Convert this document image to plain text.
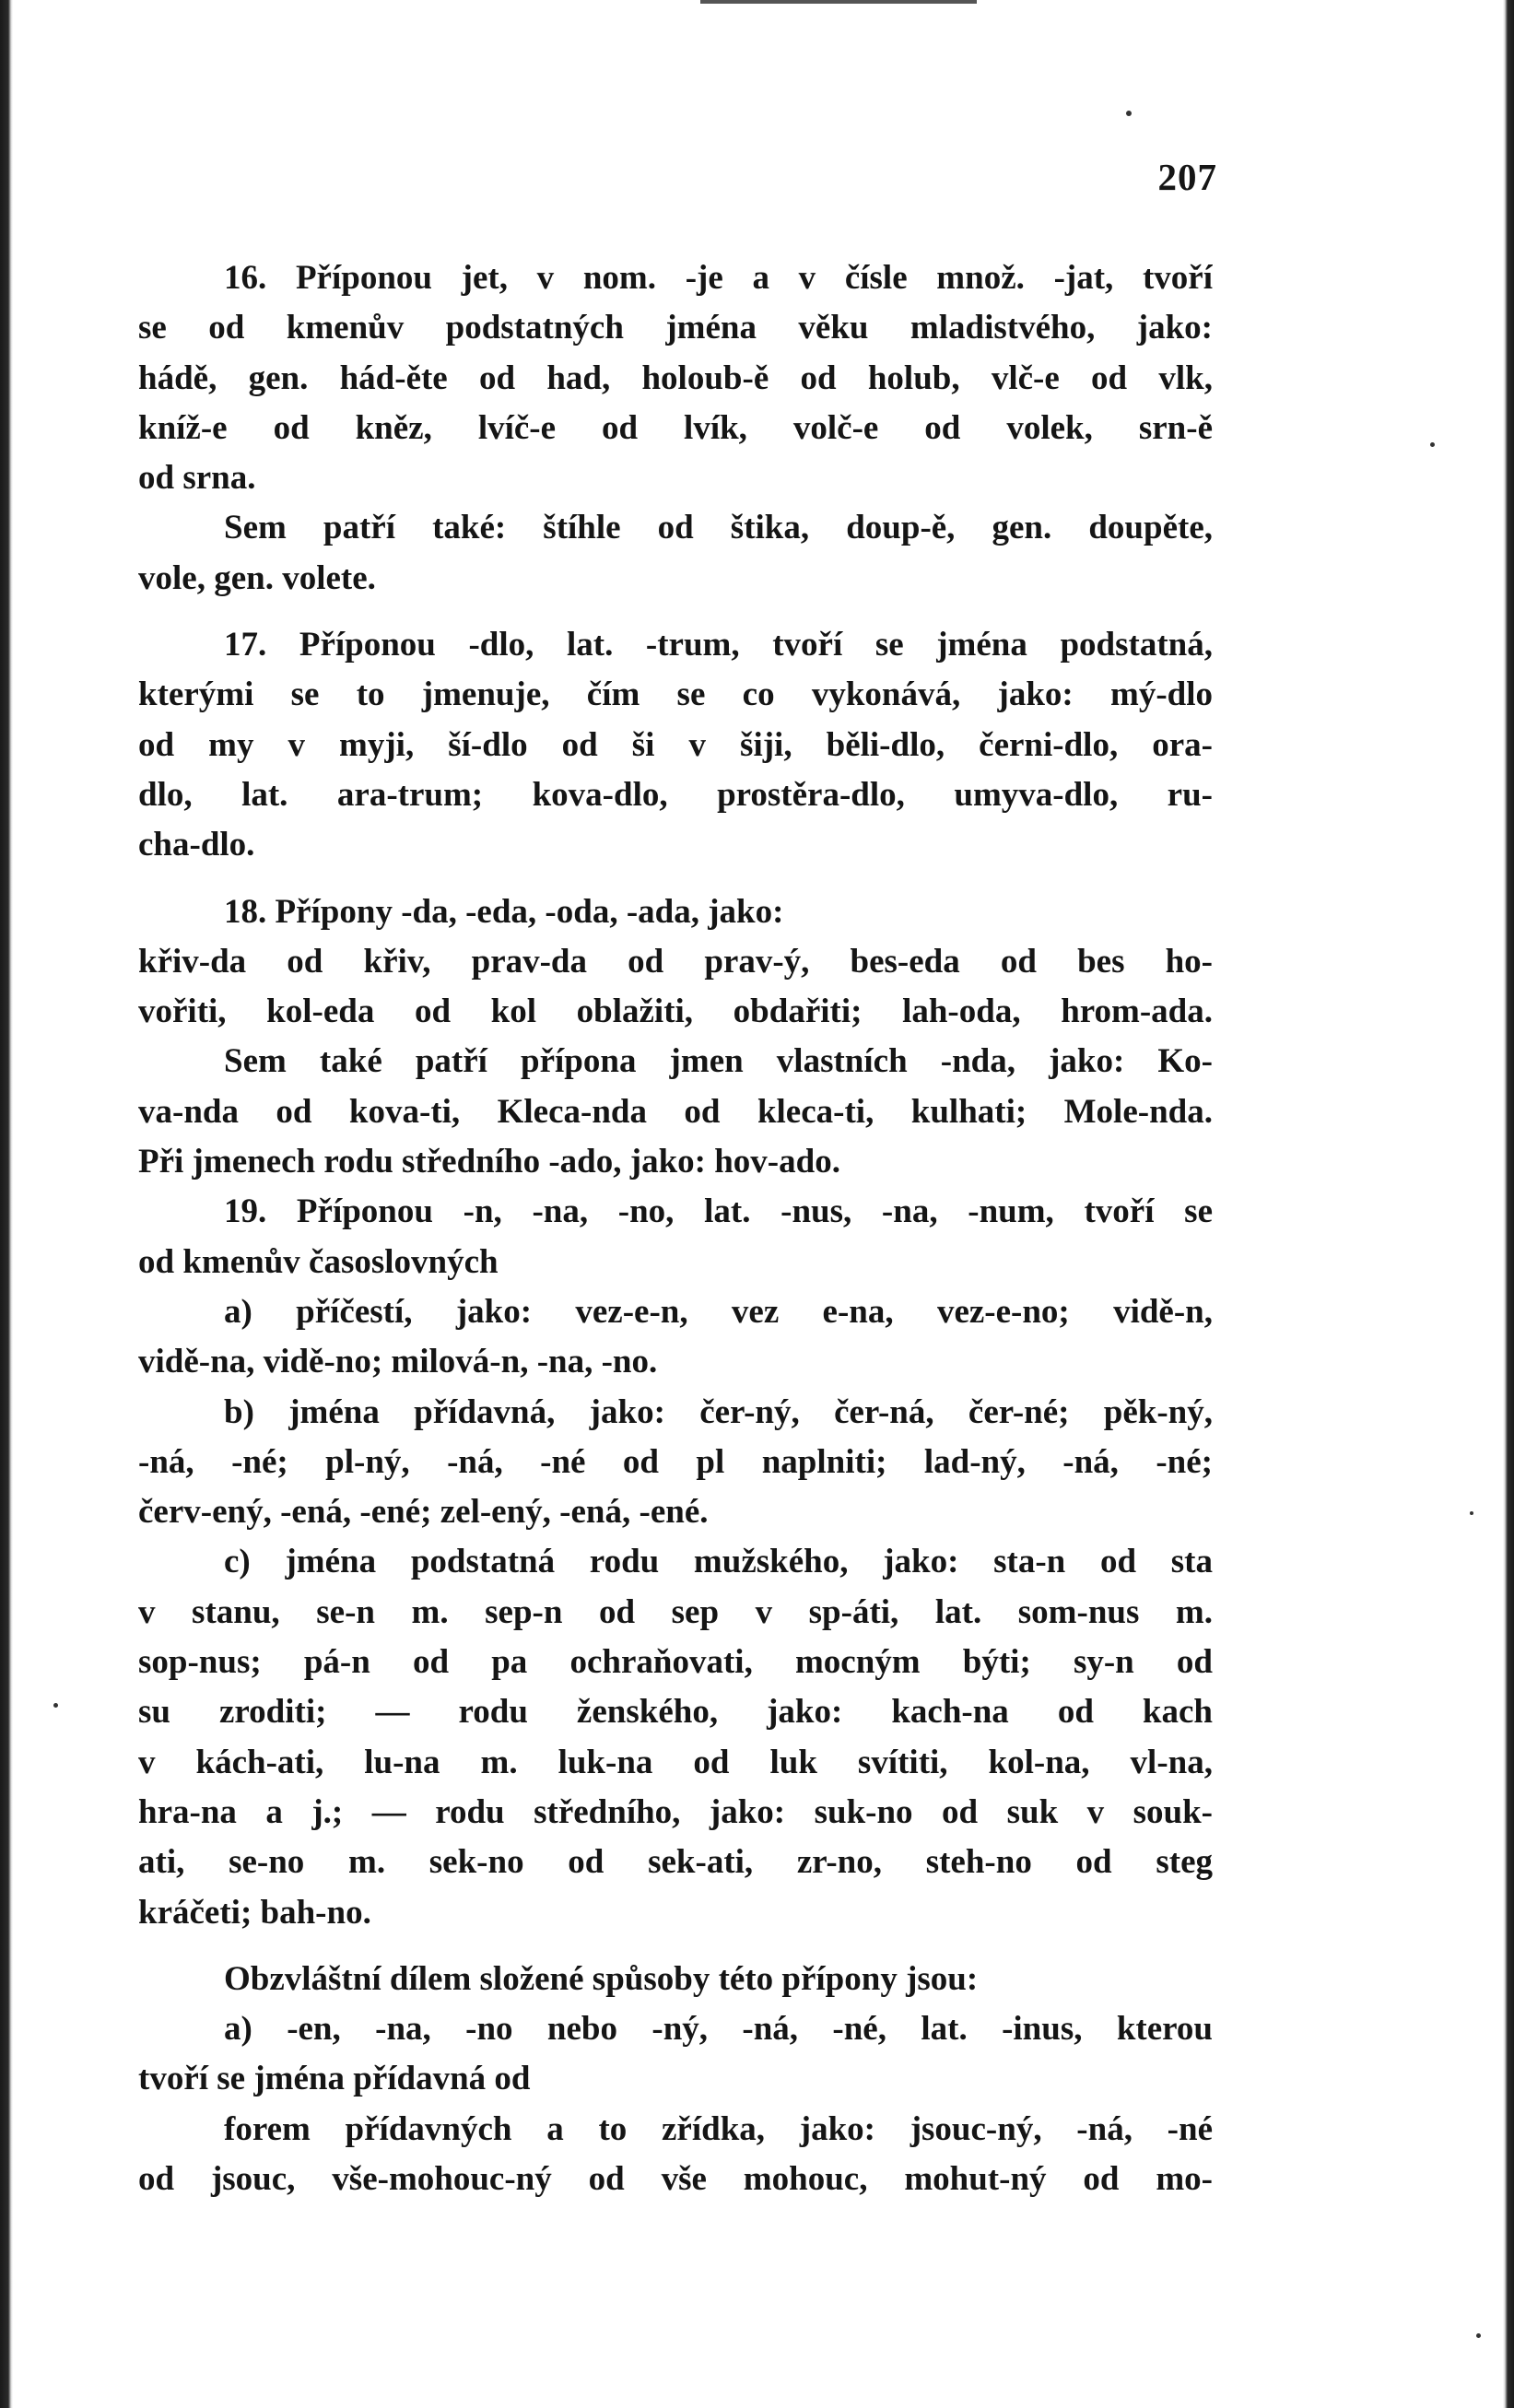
207
16. Příponou jet, v nom. -je a v čísle množ. -jat, tvoří
se od kmenův podstatných jména věku mladistvého, jako:
hádě, gen. hád-ěte od had, holoub-ě od holub, vlč-e od vlk,
kníž-e od kněz, lvíč-e od lvík, volč-e od volek, srn-ě
od srna.
Sem patří také: štíhle od štika, doup-ě, gen. doupěte,
vole, gen. volete.
17. Příponou -dlo, lat. -trum, tvoří se jména podstatná,
kterými se to jmenuje, čím se co vykonává, jako: mý-dlo
od my v myji, ší-dlo od ši v šiji, běli-dlo, černi-dlo, ora-
dlo, lat. ara-trum; kova-dlo, prostěra-dlo, umyva-dlo, ru-
cha-dlo.
18. Přípony -da, -eda, -oda, -ada, jako:
křiv-da od křiv, prav-da od prav-ý, bes-eda od bes ho-
vořiti, kol-eda od kol oblažiti, obdařiti; lah-oda, hrom-ada.
Sem také patří přípona jmen vlastních -nda, jako: Ko-
va-nda od kova-ti, Kleca-nda od kleca-ti, kulhati; Mole-nda.
Při jmenech rodu středního -ado, jako: hov-ado.
19. Příponou -n, -na, -no, lat. -nus, -na, -num, tvoří se
od kmenův časoslovných
a) příčestí, jako: vez-e-n, vez e-na, vez-e-no; vidě-n,
vidě-na, vidě-no; milová-n, -na, -no.
b) jména přídavná, jako: čer-ný, čer-ná, čer-né; pěk-ný,
-ná, -né; pl-ný, -ná, -né od pl naplniti; lad-ný, -ná, -né;
červ-ený, -ená, -ené; zel-ený, -ená, -ené.
c) jména podstatná rodu mužského, jako: sta-n od sta
v stanu, se-n m. sep-n od sep v sp-áti, lat. som-nus m.
sop-nus; pá-n od pa ochraňovati, mocným býti; sy-n od
su zroditi; — rodu ženského, jako: kach-na od kach
v kách-ati, lu-na m. luk-na od luk svítiti, kol-na, vl-na,
hra-na a j.; — rodu středního, jako: suk-no od suk v souk-
ati, se-no m. sek-no od sek-ati, zr-no, steh-no od steg
kráčeti; bah-no.
Obzvláštní dílem složené spůsoby této přípony jsou:
a) -en, -na, -no nebo -ný, -ná, -né, lat. -inus, kterou
tvoří se jména přídavná od
forem přídavných a to zřídka, jako: jsouc-ný, -ná, -né
od jsouc, vše-mohouc-ný od vše mohouc, mohut-ný od mo-
